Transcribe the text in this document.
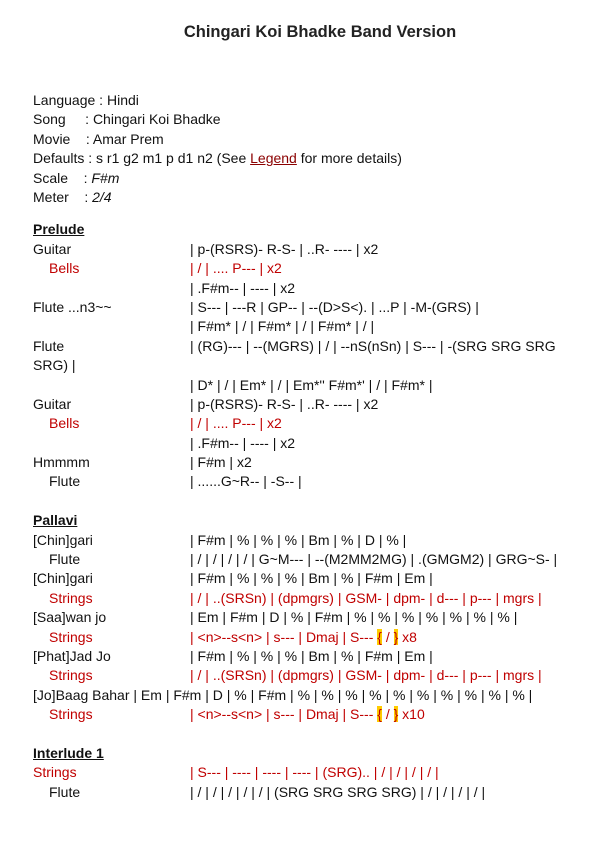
Chingari Koi Bhadke Band Version
Language : Hindi
Song     : Chingari Koi Bhadke
Movie    : Amar Prem
Defaults : s r1 g2 m1 p d1 n2 (See Legend for more details)
Scale    : F#m
Meter    : 2/4
Prelude
Guitar	| p-(RSRS)- R-S- | ..R- ---- | x2
Bells	| / | .... P--- | x2
| .F#m-- | ---- | x2
Flute ...n3~~	| S--- | ---R | GP-- | --(D>S<). | ...P | -M-(GRS) |
| F#m* | / | F#m* | / | F#m* | / |
Flute	| (RG)--- | --(MGRS) | / | --nS(nSn) | S--- | -(SRG SRG SRG SRG) |
| D* | / | Em* | / | Em*'' F#m*' | / | F#m* |
Guitar	| p-(RSRS)- R-S- | ..R- ---- | x2
Bells	| / | .... P--- | x2
| .F#m-- | ---- | x2
Hmmmm	| F#m | x2
Flute	| ......G~R-- | -S-- |
Pallavi
[Chin]gari	| F#m | % | % | % | Bm | % | D | % |
Flute	| / | / | / | / | G~M--- | --(M2MM2MG) | .(GMGM2) | GRG~S- |
[Chin]gari	| F#m | % | % | % | Bm | % | F#m | Em |
Strings	| / | ..(SRSn) | (dpmgrs) | GSM- | dpm- | d--- | p--- | mgrs |
[Saa]wan jo	| Em | F#m | D | % | F#m | % | % | % | % | % | % | % |
Strings	| <n>--s<n> | s--- | Dmaj | S--- { / } x8
[Phat]Jad Jo	| F#m | % | % | % | Bm | % | F#m | Em |
Strings	| / | ..(SRSn) | (dpmgrs) | GSM- | dpm- | d--- | p--- | mgrs |
[Jo]Baag Bahar | Em | F#m | D | % | F#m | % | % | % | % | % | % | % | % | % | % |
Strings	| <n>--s<n> | s--- | Dmaj | S--- { / } x10
Interlude 1
Strings	| S--- | ---- | ---- | ---- | (SRG).. | / | / | / | / |
Flute	| / | / | / | / | / | (SRG SRG SRG SRG) | / | / | / | / |
